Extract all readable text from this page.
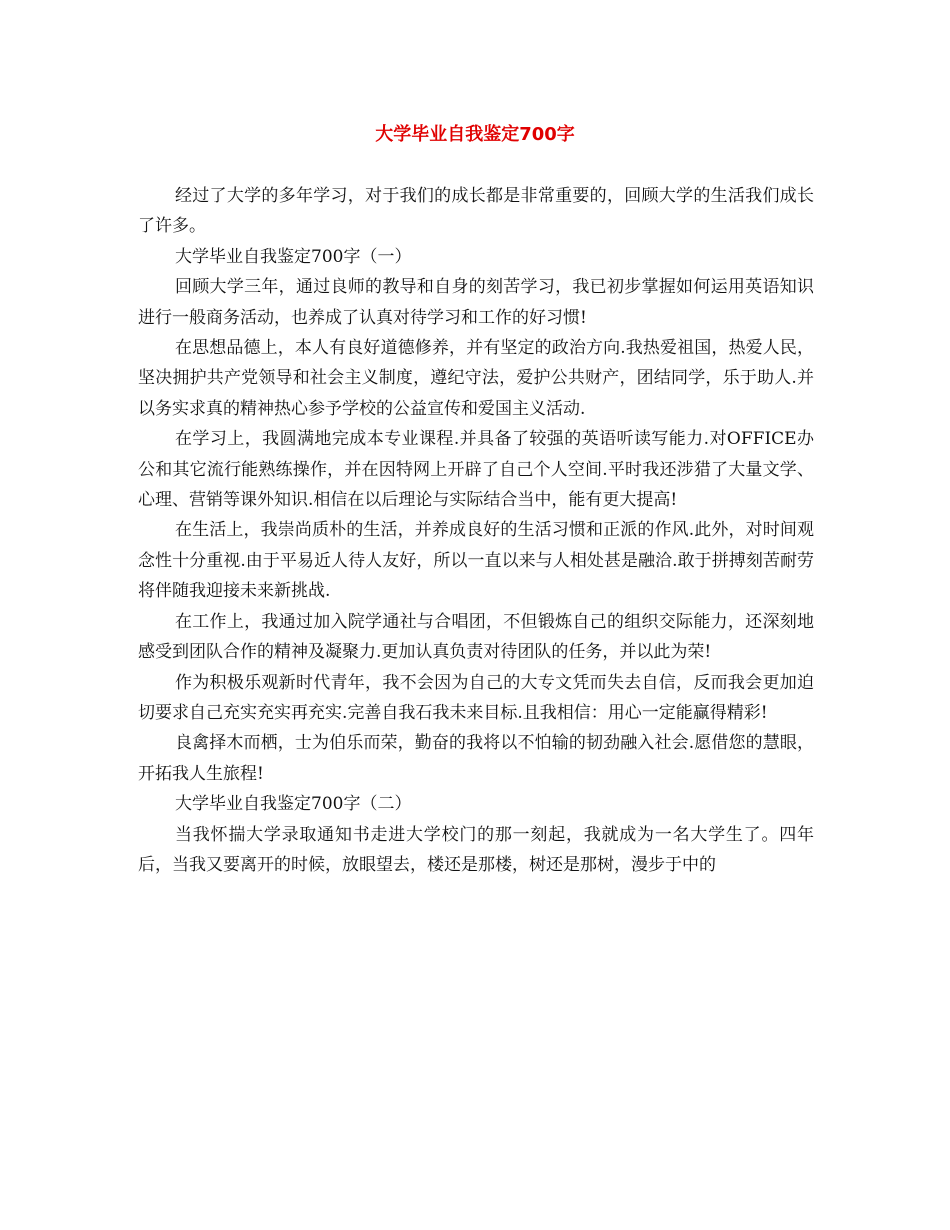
大学毕业自我鉴定700字

经过了大学的多年学习，对于我们的成长都是非常重要的，回顾大学的生活我们成长了许多。

大学毕业自我鉴定700字（一）

回顾大学三年，通过良师的教导和自身的刻苦学习，我已初步掌握如何运用英语知识进行一般商务活动，也养成了认真对待学习和工作的好习惯!

在思想品德上，本人有良好道德修养，并有坚定的政治方向.我热爱祖国，热爱人民，坚决拥护共产党领导和社会主义制度，遵纪守法，爱护公共财产，团结同学，乐于助人.并以务实求真的精神热心参予学校的公益宣传和爱国主义活动.

在学习上，我圆满地完成本专业课程.并具备了较强的英语听读写能力.对OFFICE办公和其它流行能熟练操作，并在因特网上开辟了自己个人空间.平时我还涉猎了大量文学、心理、营销等课外知识.相信在以后理论与实际结合当中，能有更大提高!

在生活上，我崇尚质朴的生活，并养成良好的生活习惯和正派的作风.此外，对时间观念性十分重视.由于平易近人待人友好，所以一直以来与人相处甚是融洽.敢于拼搏刻苦耐劳将伴随我迎接未来新挑战.

在工作上，我通过加入院学通社与合唱团，不但锻炼自己的组织交际能力，还深刻地感受到团队合作的精神及凝聚力.更加认真负责对待团队的任务，并以此为荣!

作为积极乐观新时代青年，我不会因为自己的大专文凭而失去自信，反而我会更加迫切要求自己充实充实再充实.完善自我石我未来目标.且我相信：用心一定能赢得精彩!

良禽择木而栖，士为伯乐而荣，勤奋的我将以不怕输的韧劲融入社会.愿借您的慧眼，开拓我人生旅程!

大学毕业自我鉴定700字（二）

当我怀揣大学录取通知书走进大学校门的那一刻起，我就成为一名大学生了。四年后，当我又要离开的时候，放眼望去，楼还是那楼，树还是那树，漫步于中的
